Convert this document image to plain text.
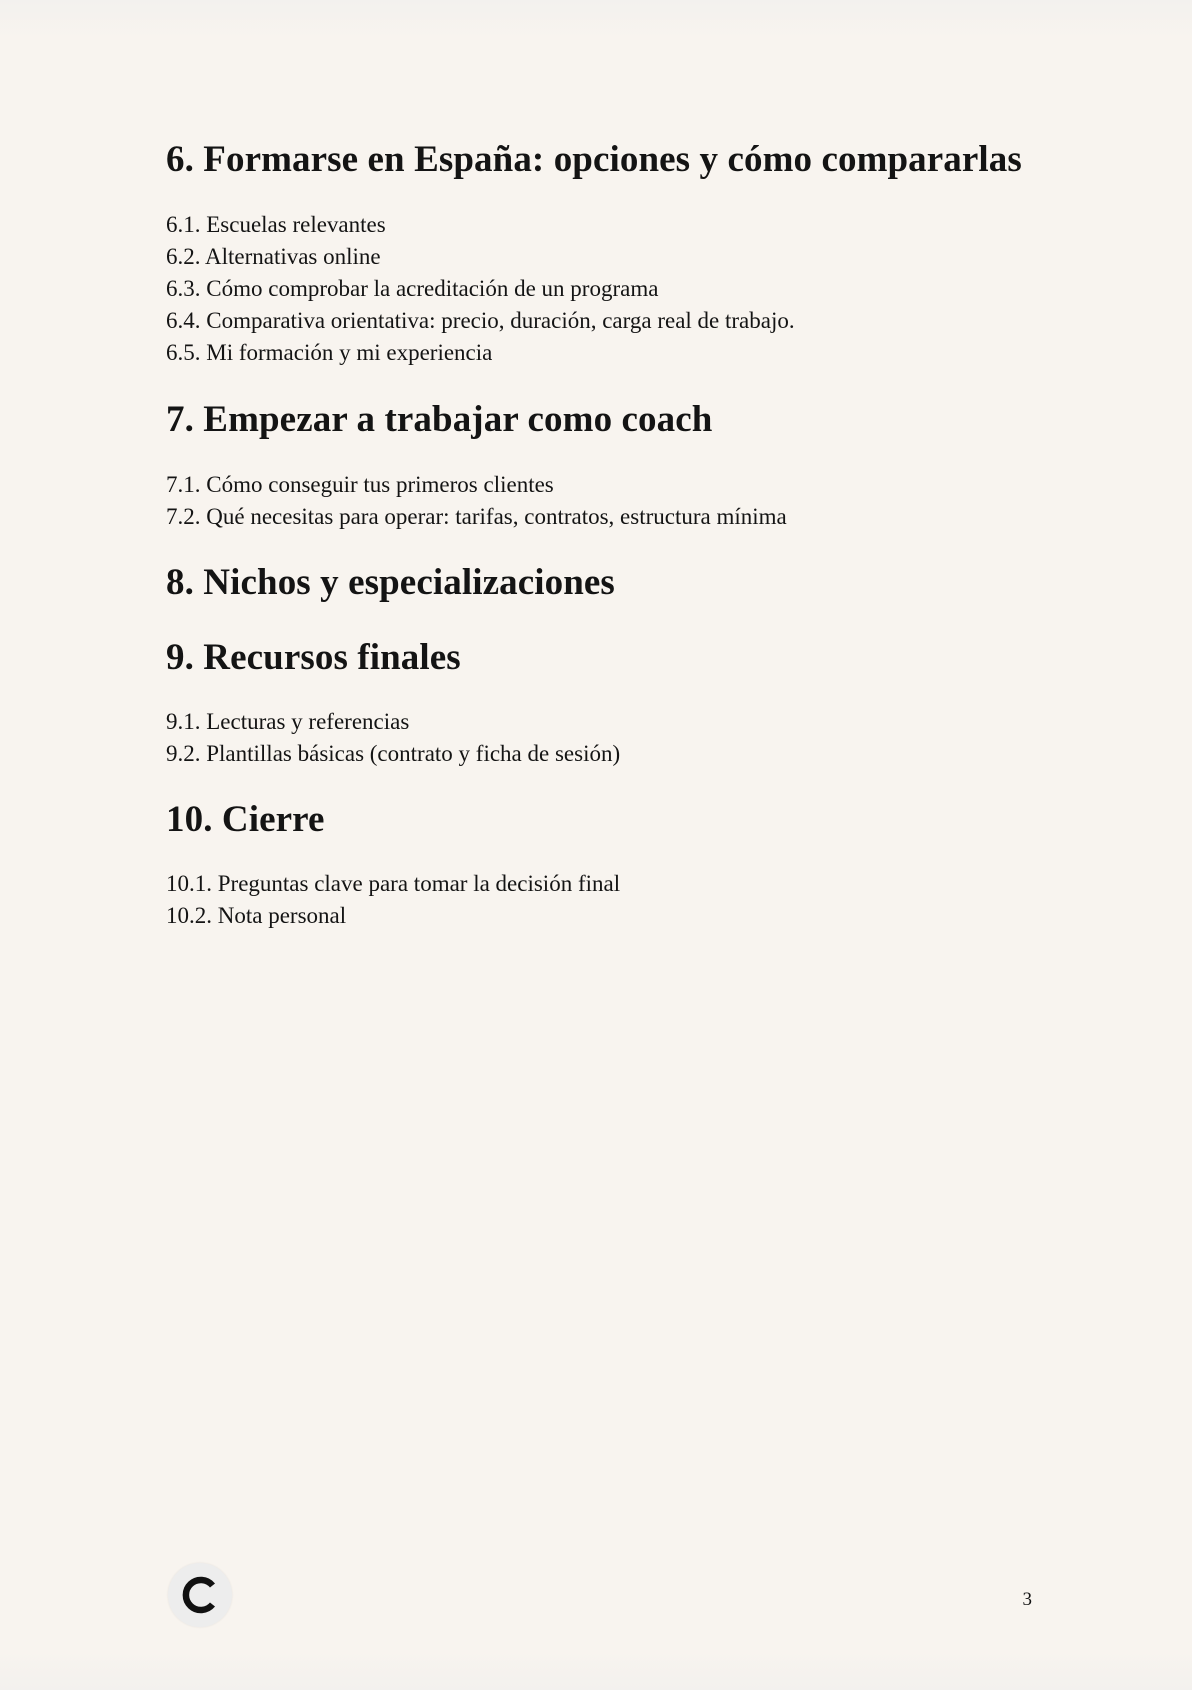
6. Formarse en España: opciones y cómo compararlas
6.1. Escuelas relevantes
6.2. Alternativas online
6.3. Cómo comprobar la acreditación de un programa
6.4. Comparativa orientativa: precio, duración, carga real de trabajo.
6.5. Mi formación y mi experiencia
7. Empezar a trabajar como coach
7.1. Cómo conseguir tus primeros clientes
7.2. Qué necesitas para operar: tarifas, contratos, estructura mínima
8. Nichos y especializaciones
9. Recursos finales
9.1. Lecturas y referencias
9.2. Plantillas básicas (contrato y ficha de sesión)
10. Cierre
10.1. Preguntas clave para tomar la decisión final
10.2. Nota personal
3
